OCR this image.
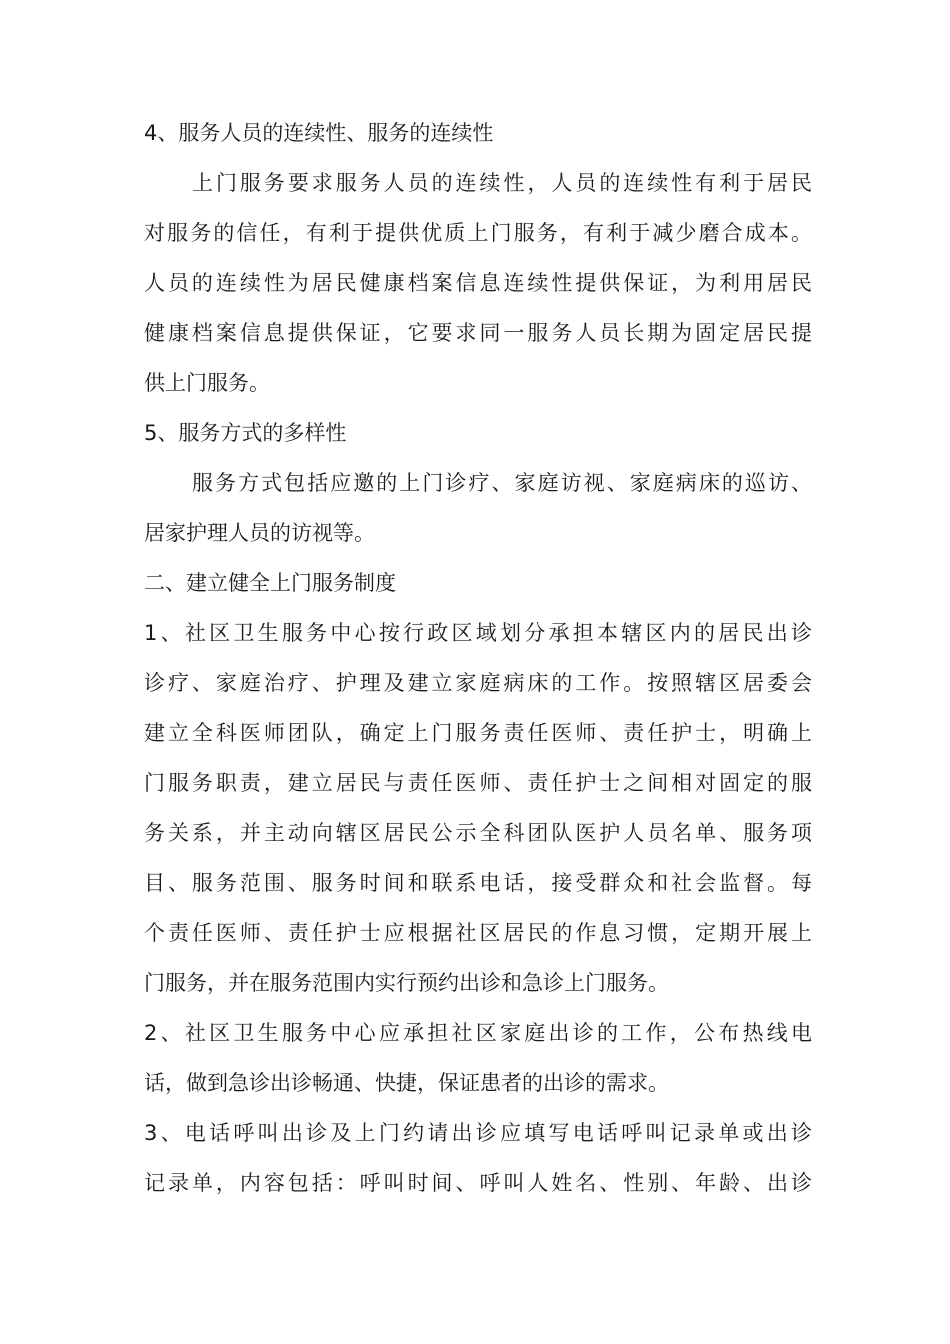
4、服务人员的连续性、服务的连续性
上门服务要求服务人员的连续性，人员的连续性有利于居民
对服务的信任，有利于提供优质上门服务，有利于减少磨合成本。
人员的连续性为居民健康档案信息连续性提供保证，为利用居民
健康档案信息提供保证，它要求同一服务人员长期为固定居民提
供上门服务。
5、服务方式的多样性
服务方式包括应邀的上门诊疗、家庭访视、家庭病床的巡访、
居家护理人员的访视等。
二、建立健全上门服务制度
1、社区卫生服务中心按行政区域划分承担本辖区内的居民出诊
诊疗、家庭治疗、护理及建立家庭病床的工作。按照辖区居委会
建立全科医师团队，确定上门服务责任医师、责任护士，明确上
门服务职责，建立居民与责任医师、责任护士之间相对固定的服
务关系，并主动向辖区居民公示全科团队医护人员名单、服务项
目、服务范围、服务时间和联系电话，接受群众和社会监督。每
个责任医师、责任护士应根据社区居民的作息习惯，定期开展上
门服务，并在服务范围内实行预约出诊和急诊上门服务。
2、社区卫生服务中心应承担社区家庭出诊的工作，公布热线电
话，做到急诊出诊畅通、快捷，保证患者的出诊的需求。
3、电话呼叫出诊及上门约请出诊应填写电话呼叫记录单或出诊
记录单，内容包括：呼叫时间、呼叫人姓名、性别、年龄、出诊
